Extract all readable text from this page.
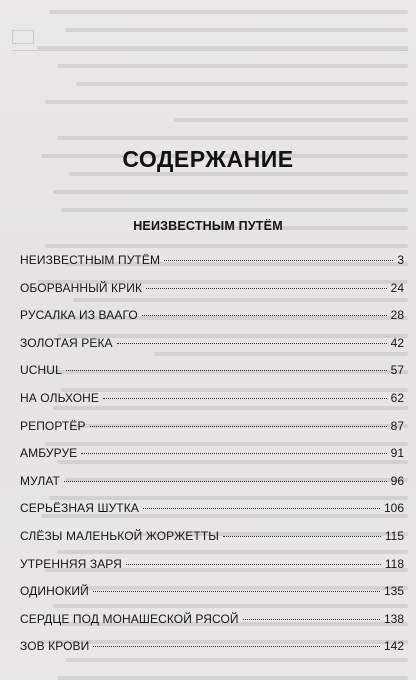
СОДЕРЖАНИЕ
НЕИЗВЕСТНЫМ ПУТЁМ
НЕИЗВЕСТНЫМ ПУТЁМ	3
ОБОРВАННЫЙ КРИК	24
РУСАЛКА ИЗ ВААГО	28
ЗОЛОТАЯ РЕКА	42
UCHUL	57
НА ОЛЬХОНЕ	62
РЕПОРТЁР	87
АМБУРУЕ	91
МУЛАТ	96
СЕРЬЁЗНАЯ ШУТКА	106
СЛЁЗЫ МАЛЕНЬКОЙ ЖОРЖЕТТЫ	115
УТРЕННЯЯ ЗАРЯ	118
ОДИНОКИЙ	135
СЕРДЦЕ ПОД МОНАШЕСКОЙ РЯСОЙ	138
ЗОВ КРОВИ	142
